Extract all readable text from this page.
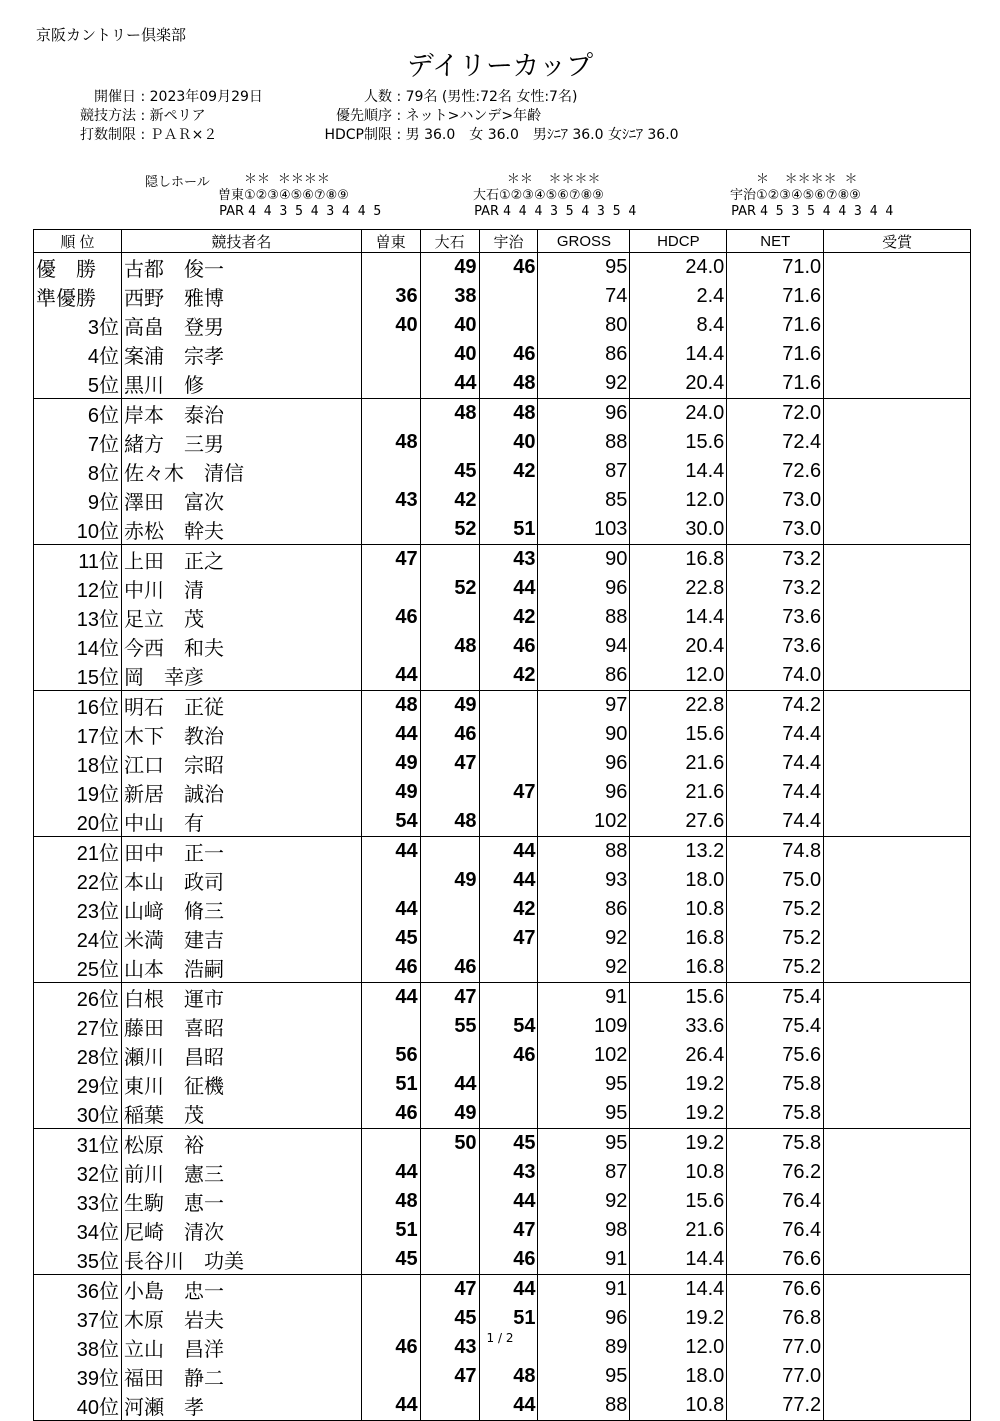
京阪カントリー倶楽部
デイリーカップ
開催日 : 2023年09月29日
競技方法 : 新ペリア
打数制限 : ＰＡＲ×２
人数 : 79名 (男性:72名 女性:7名)
優先順序 : ネット>ハンデ>年齢
HDCP制限 : 男 36.0　女 36.0　男ｼﾆｱ 36.0 女ｼﾆｱ 36.0
隠しホール	＊＊ ＊＊＊＊
曽東①②③④⑤⑥⑦⑧⑨
PAR 4 4 3 5 4 3 4 4 5
＊＊  ＊＊＊＊
大石①②③④⑤⑥⑦⑧⑨
PAR 4 4 4 3 5 4 3 5 4
＊  ＊＊＊＊ ＊
宇治①②③④⑤⑥⑦⑧⑨
PAR 4 5 3 5 4 4 3 4 4
順 位	競技者名	曽東	大石	宇治	GROSS	HDCP	NET	受賞
優　勝	古都　俊一		49	46	95	24.0	71.0	
準優勝	西野　雅博	36	38		74	2.4	71.6	
3位	高畠　登男	40	40		80	8.4	71.6	
4位	案浦　宗孝		40	46	86	14.4	71.6	
5位	黒川　修		44	48	92	20.4	71.6	
6位	岸本　泰治		48	48	96	24.0	72.0	
7位	緒方　三男	48		40	88	15.6	72.4	
8位	佐々木　清信		45	42	87	14.4	72.6	
9位	澤田　富次	43	42		85	12.0	73.0	
10位	赤松　幹夫		52	51	103	30.0	73.0	
11位	上田　正之	47		43	90	16.8	73.2	
12位	中川　清		52	44	96	22.8	73.2	
13位	足立　茂	46		42	88	14.4	73.6	
14位	今西　和夫		48	46	94	20.4	73.6	
15位	岡　幸彦	44		42	86	12.0	74.0	
16位	明石　正従	48	49		97	22.8	74.2	
17位	木下　教治	44	46		90	15.6	74.4	
18位	江口　宗昭	49	47		96	21.6	74.4	
19位	新居　誠治	49		47	96	21.6	74.4	
20位	中山　有	54	48		102	27.6	74.4	
21位	田中　正一	44		44	88	13.2	74.8	
22位	本山　政司		49	44	93	18.0	75.0	
23位	山﨑　脩三	44		42	86	10.8	75.2	
24位	米満　建吉	45		47	92	16.8	75.2	
25位	山本　浩嗣	46	46		92	16.8	75.2	
26位	白根　運市	44	47		91	15.6	75.4	
27位	藤田　喜昭		55	54	109	33.6	75.4	
28位	瀬川　昌昭	56		46	102	26.4	75.6	
29位	東川　征機	51	44		95	19.2	75.8	
30位	稲葉　茂	46	49		95	19.2	75.8	
31位	松原　裕		50	45	95	19.2	75.8	
32位	前川　憲三	44		43	87	10.8	76.2	
33位	生駒　恵一	48		44	92	15.6	76.4	
34位	尼崎　清次	51		47	98	21.6	76.4	
35位	長谷川　功美	45		46	91	14.4	76.6	
36位	小島　忠一		47	44	91	14.4	76.6	
37位	木原　岩夫		45	51	96	19.2	76.8	
38位	立山　昌洋	46	43		89	12.0	77.0	
39位	福田　静二		47	48	95	18.0	77.0	
40位	河瀬　孝	44		44	88	10.8	77.2	
1 / 2
